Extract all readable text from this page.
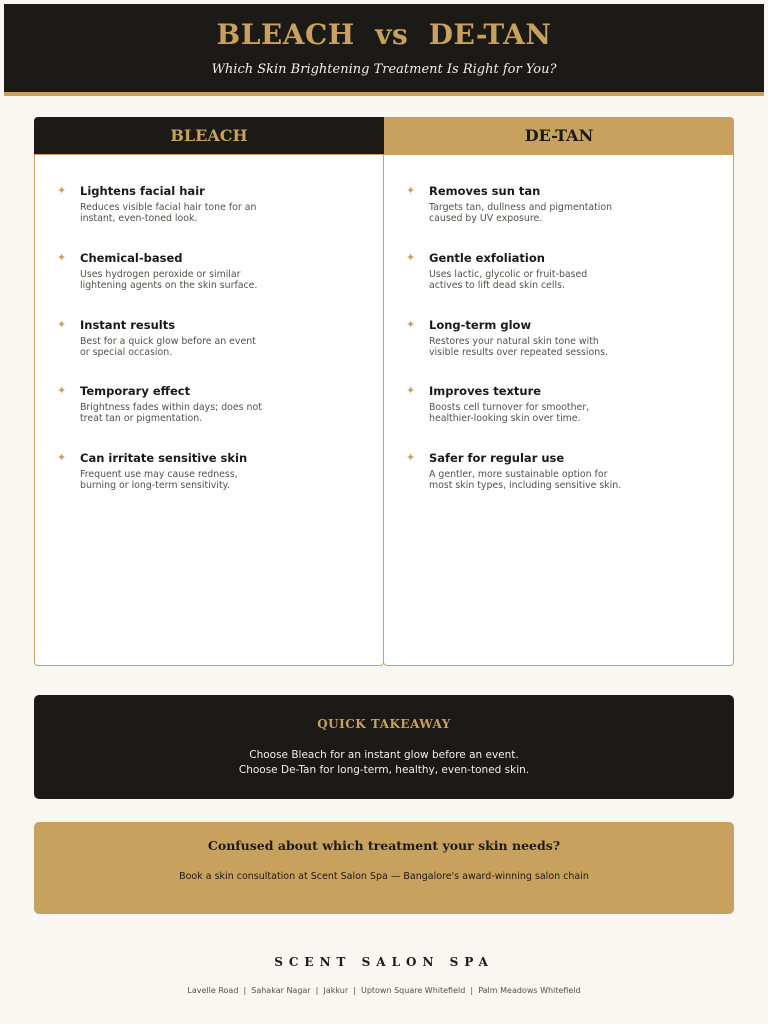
BLEACH  vs  DE-TAN
Which Skin Brightening Treatment Is Right for You?
BLEACH	DE-TAN
✦ Lightens facial hair
Reduces visible facial hair tone for an
instant, even-toned look.
✦ Chemical-based
Uses hydrogen peroxide or similar
lightening agents on the skin surface.
✦ Instant results
Best for a quick glow before an event
or special occasion.
✦ Temporary effect
Brightness fades within days; does not
treat tan or pigmentation.
✦ Can irritate sensitive skin
Frequent use may cause redness,
burning or long-term sensitivity.
✦ Removes sun tan
Targets tan, dullness and pigmentation
caused by UV exposure.
✦ Gentle exfoliation
Uses lactic, glycolic or fruit-based
actives to lift dead skin cells.
✦ Long-term glow
Restores your natural skin tone with
visible results over repeated sessions.
✦ Improves texture
Boosts cell turnover for smoother,
healthier-looking skin over time.
✦ Safer for regular use
A gentler, more sustainable option for
most skin types, including sensitive skin.
QUICK TAKEAWAY
Choose Bleach for an instant glow before an event.
Choose De-Tan for long-term, healthy, even-toned skin.
Confused about which treatment your skin needs?
Book a skin consultation at Scent Salon Spa — Bangalore's award-winning salon chain
SCENT SALON SPA
Lavelle Road  |  Sahakar Nagar  |  Jakkur  |  Uptown Square Whitefield  |  Palm Meadows Whitefield
